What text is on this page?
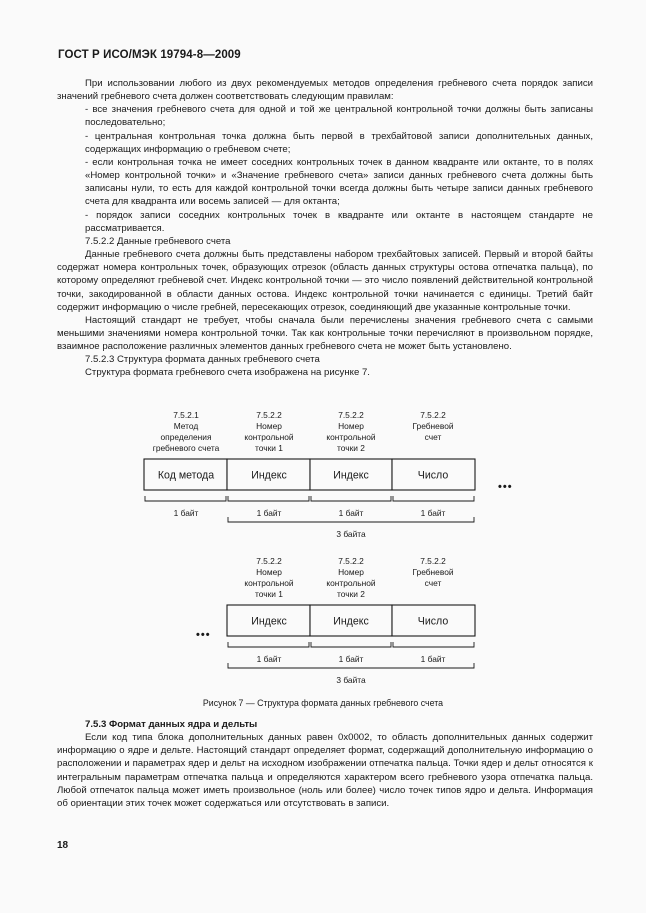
ГОСТ Р ИСО/МЭК 19794-8—2009

При использовании любого из двух рекомендуемых методов определения гребневого счета порядок записи значений гребневого счета должен соответствовать следующим правилам:

- все значения гребневого счета для одной и той же центральной контрольной точки должны быть записаны последовательно;

- центральная контрольная точка должна быть первой в трехбайтовой записи дополнительных данных, содержащих информацию о гребневом счете;

- если контрольная точка не имеет соседних контрольных точек в данном квадранте или октанте, то в полях «Номер контрольной точки» и «Значение гребневого счета» записи данных гребневого счета должны быть записаны нули, то есть для каждой контрольной точки всегда должны быть четыре записи данных гребневого счета для квадранта или восемь записей — для октанта;

- порядок записи соседних контрольных точек в квадранте или октанте в настоящем стандарте не рассматривается.

7.5.2.2 Данные гребневого счета

Данные гребневого счета должны быть представлены набором трехбайтовых записей. Первый и второй байты содержат номера контрольных точек, образующих отрезок (область данных структуры остова отпечатка пальца), по которому определяют гребневой счет. Индекс контрольной точки — это число появлений действительной контрольной точки, закодированной в области данных остова. Индекс контрольной точки начинается с единицы. Третий байт содержит информацию о числе гребней, пересекающих отрезок, соединяющий две указанные контрольные точки.

Настоящий стандарт не требует, чтобы сначала были перечислены значения гребневого счета с самыми меньшими значениями номера контрольной точки. Так как контрольные точки перечисляют в произвольном порядке, взаимное расположение различных элементов данных гребневого счета не может быть установлено.

7.5.2.3 Структура формата данных гребневого счета

Структура формата гребневого счета изображена на рисунке 7.

7.5.2.1
Метод
определения
гребневого счета
7.5.2.2
Номер
контрольной
точки 1
7.5.2.2
Номер
контрольной
точки 2
7.5.2.2
Гребневой
счет
Код метода	Индекс	Индекс	Число
•••
1 байт	1 байт	1 байт	1 байт
3 байта
7.5.2.2
Номер
контрольной
точки 1
7.5.2.2
Номер
контрольной
точки 2
7.5.2.2
Гребневой
счет
•••
Индекс	Индекс	Число
1 байт	1 байт	1 байт
3 байта
Рисунок 7 — Структура формата данных гребневого счета

7.5.3 Формат данных ядра и дельты

Если код типа блока дополнительных данных равен 0x0002, то область дополнительных данных содержит информацию о ядре и дельте. Настоящий стандарт определяет формат, содержащий дополнительную информацию о расположении и параметрах ядер и дельт на исходном изображении отпечатка пальца. Точки ядер и дельт относятся к интегральным параметрам отпечатка пальца и определяются характером всего гребневого узора отпечатка пальца. Любой отпечаток пальца может иметь произвольное (ноль или более) число точек типов ядро и дельта. Информация об ориентации этих точек может содержаться или отсутствовать в записи.

18
